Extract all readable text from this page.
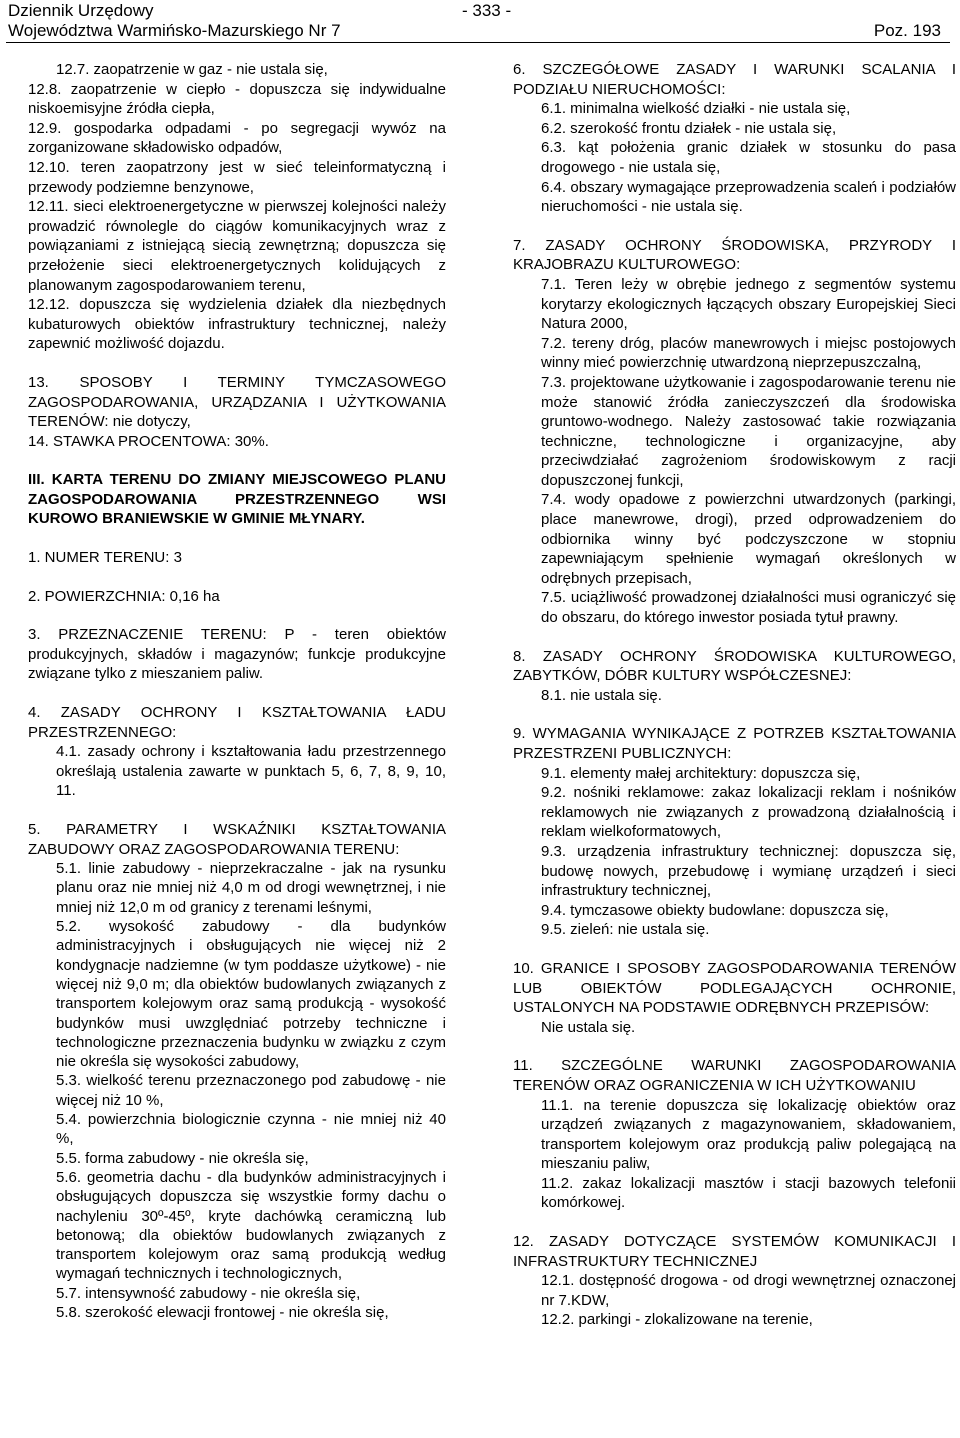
Dziennik Urzędowy
Województwa Warmińsko-Mazurskiego Nr 7
- 333 -
Poz. 193
12.7. zaopatrzenie w gaz - nie ustala się,
12.8. zaopatrzenie w ciepło - dopuszcza się indywidualne niskoemisyjne źródła ciepła,
12.9. gospodarka odpadami - po segregacji wywóz na zorganizowane składowisko odpadów,
12.10. teren zaopatrzony jest w sieć teleinformatyczną i przewody podziemne benzynowe,
12.11. sieci elektroenergetyczne w pierwszej kolejności należy prowadzić równolegle do ciągów komunikacyjnych wraz z powiązaniami z istniejącą siecią zewnętrzną; dopuszcza się przełożenie sieci elektroenergetycznych kolidujących z planowanym zagospodarowaniem terenu,
12.12. dopuszcza się wydzielenia działek dla niezbędnych kubaturowych obiektów infrastruktury technicznej, należy zapewnić możliwość dojazdu.
13. SPOSOBY I TERMINY TYMCZASOWEGO ZAGOSPODAROWANIA, URZĄDZANIA I UŻYTKOWANIA TERENÓW: nie dotyczy,
14. STAWKA PROCENTOWA: 30%.
III. KARTA TERENU DO ZMIANY MIEJSCOWEGO PLANU ZAGOSPODAROWANIA PRZESTRZENNEGO WSI KUROWO BRANIEWSKIE W GMINIE MŁYNARY.
1. NUMER TERENU: 3
2. POWIERZCHNIA: 0,16 ha
3. PRZEZNACZENIE TERENU: P - teren obiektów produkcyjnych, składów i magazynów; funkcje produkcyjne związane tylko z mieszaniem paliw.
4. ZASADY OCHRONY I KSZTAŁTOWANIA ŁADU PRZESTRZENNEGO:
4.1. zasady ochrony i kształtowania ładu przestrzennego określają ustalenia zawarte w punktach 5, 6, 7, 8, 9, 10, 11.
5. PARAMETRY I WSKAŹNIKI KSZTAŁTOWANIA ZABUDOWY ORAZ ZAGOSPODAROWANIA TERENU:
5.1. linie zabudowy - nieprzekraczalne - jak na rysunku planu oraz nie mniej niż 4,0 m od drogi wewnętrznej, i nie mniej niż 12,0 m od granicy z terenami leśnymi,
5.2. wysokość zabudowy - dla budynków administracyjnych i obsługujących nie więcej niż 2 kondygnacje nadziemne (w tym poddasze użytkowe) - nie więcej niż 9,0 m; dla obiektów budowlanych związanych z transportem kolejowym oraz samą produkcją - wysokość budynków musi uwzględniać potrzeby techniczne i technologiczne przeznaczenia budynku w związku z czym nie określa się wysokości zabudowy,
5.3. wielkość terenu przeznaczonego pod zabudowę - nie więcej niż 10 %,
5.4. powierzchnia biologicznie czynna - nie mniej niż 40 %,
5.5. forma zabudowy - nie określa się,
5.6. geometria dachu - dla budynków administracyjnych i obsługujących dopuszcza się wszystkie formy dachu o nachyleniu 30º-45º, kryte dachówką ceramiczną lub betonową; dla obiektów budowlanych związanych z transportem kolejowym oraz samą produkcją według wymagań technicznych i technologicznych,
5.7. intensywność zabudowy - nie określa się,
5.8. szerokość elewacji frontowej - nie określa się,
6. SZCZEGÓŁOWE ZASADY I WARUNKI SCALANIA I PODZIAŁU NIERUCHOMOŚCI:
6.1. minimalna wielkość działki - nie ustala się,
6.2. szerokość frontu działek - nie ustala się,
6.3. kąt położenia granic działek w stosunku do pasa drogowego - nie ustala się,
6.4. obszary wymagające przeprowadzenia scaleń i podziałów nieruchomości - nie ustala się.
7. ZASADY OCHRONY ŚRODOWISKA, PRZYRODY I KRAJOBRAZU KULTUROWEGO:
7.1. Teren leży w obrębie jednego z segmentów systemu korytarzy ekologicznych łączących obszary Europejskiej Sieci Natura 2000,
7.2. tereny dróg, placów manewrowych i miejsc postojowych winny mieć powierzchnię utwardzoną nieprzepuszczalną,
7.3. projektowane użytkowanie i zagospodarowanie terenu nie może stanowić źródła zanieczyszczeń dla środowiska gruntowo-wodnego. Należy zastosować takie rozwiązania techniczne, technologiczne i organizacyjne, aby przeciwdziałać zagrożeniom środowiskowym z racji dopuszczonej funkcji,
7.4. wody opadowe z powierzchni utwardzonych (parkingi, place manewrowe, drogi), przed odprowadzeniem do odbiornika winny być podczyszczone w stopniu zapewniającym spełnienie wymagań określonych w odrębnych przepisach,
7.5. uciążliwość prowadzonej działalności musi ograniczyć się do obszaru, do którego inwestor posiada tytuł prawny.
8. ZASADY OCHRONY ŚRODOWISKA KULTUROWEGO, ZABYTKÓW, DÓBR KULTURY WSPÓŁCZESNEJ:
8.1. nie ustala się.
9. WYMAGANIA WYNIKAJĄCE Z POTRZEB KSZTAŁTOWANIA PRZESTRZENI PUBLICZNYCH:
9.1. elementy małej architektury: dopuszcza się,
9.2. nośniki reklamowe: zakaz lokalizacji reklam i nośników reklamowych nie związanych z prowadzoną działalnością i reklam wielkoformatowych,
9.3. urządzenia infrastruktury technicznej: dopuszcza się, budowę nowych, przebudowę i wymianę urządzeń i sieci infrastruktury technicznej,
9.4. tymczasowe obiekty budowlane: dopuszcza się,
9.5. zieleń: nie ustala się.
10. GRANICE I SPOSOBY ZAGOSPODAROWANIA TERENÓW LUB OBIEKTÓW PODLEGAJĄCYCH OCHRONIE, USTALONYCH NA PODSTAWIE ODRĘBNYCH PRZEPISÓW:
Nie ustala się.
11. SZCZEGÓLNE WARUNKI ZAGOSPODAROWANIA TERENÓW ORAZ OGRANICZENIA W ICH UŻYTKOWANIU
11.1. na terenie dopuszcza się lokalizację obiektów oraz urządzeń związanych z magazynowaniem, składowaniem, transportem kolejowym oraz produkcją paliw polegającą na mieszaniu paliw,
11.2. zakaz lokalizacji masztów i stacji bazowych telefonii komórkowej.
12. ZASADY DOTYCZĄCE SYSTEMÓW KOMUNIKACJI I INFRASTRUKTURY TECHNICZNEJ
12.1. dostępność drogowa - od drogi wewnętrznej oznaczonej nr 7.KDW,
12.2. parkingi - zlokalizowane na terenie,
